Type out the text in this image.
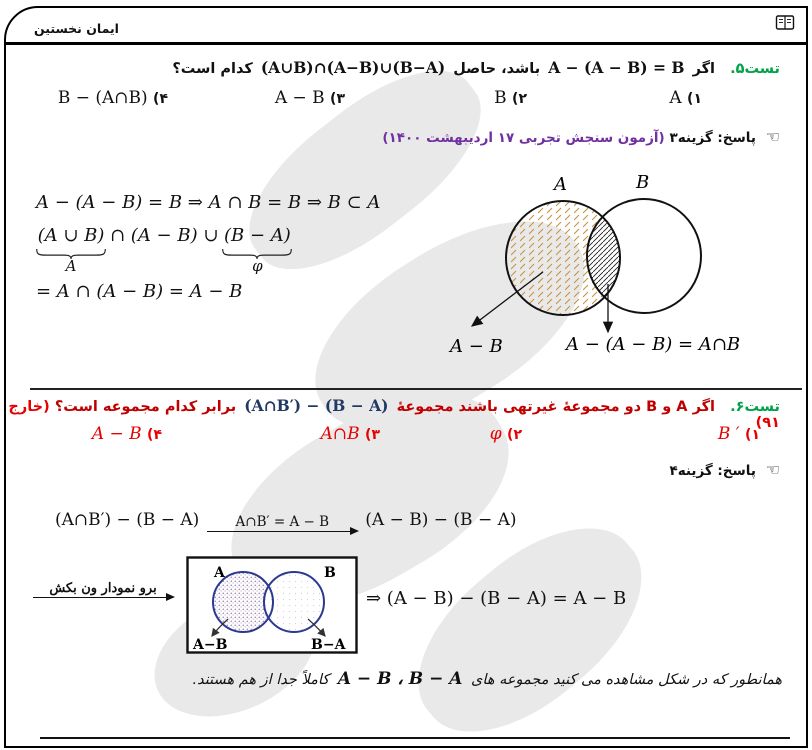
ایمان نخستین
تست۵. اگر A − (A − B) = B باشد، حاصل (A∪B)∩(A−B)∪(B−A) کدام است؟
A (۱
B (۲
A − B (۳
B − (A∩B) (۴
☜ پاسخ: گزینه۳ (آزمون سنجش تجربی ۱۷ اردیبهشت ۱۴۰۰)
A − (A − B) = B ⇒ A ∩ B = B ⇒ B ⊂ A
(A ∪ B)
A
∩ (A − B) ∪ (B − A)
φ
= A ∩ (A − B) = A − B
A	B
A − B	A − (A − B) = A∩B
تست۶. اگر A و B دو مجموعهٔ غیرتهی باشند مجموعهٔ (A∩B′) − (B − A) برابر کدام مجموعه است؟ (خارج ۹۱)
B ′ (۱
φ (۲
A∩B (۳
A − B (۴
☜ پاسخ: گزینه۴
(A∩B′) − (B − A)	A∩B′ = A − B (A − B) − (B − A)
برو نمودار ون بکش
A	B
A−B	B−A
⇒ (A − B) − (B − A) = A − B
همانطور که در شکل مشاهده می کنید مجموعه های A − B ، B − A کاملاً جدا از هم هستند.
